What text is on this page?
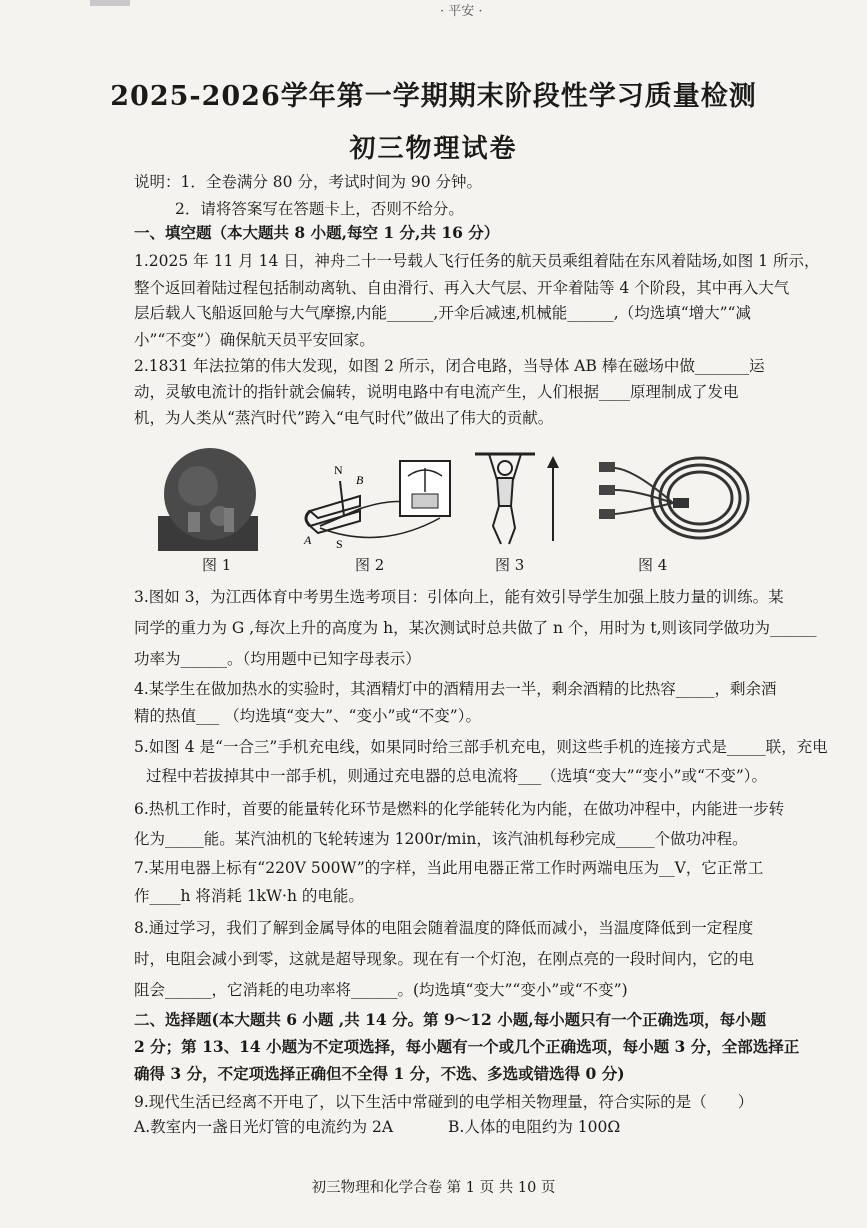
· 平安 ·
2025-2026学年第一学期期末阶段性学习质量检测
初三物理试卷
说明：1．全卷满分 80 分，考试时间为 90 分钟。
2．请将答案写在答题卡上，否则不给分。
一、填空题（本大题共 8 小题,每空 1 分,共 16 分）
1.2025 年 11 月 14 日，神舟二十一号载人飞行任务的航天员乘组着陆在东风着陆场,如图 1 所示，
整个返回着陆过程包括制动离轨、自由滑行、再入大气层、开伞着陆等 4 个阶段，其中再入大气
层后载人飞船返回舱与大气摩擦,内能______,开伞后减速,机械能______,（均选填“增大”“减
小”“不变”）确保航天员平安回家。
2.1831 年法拉第的伟大发现，如图 2 所示，闭合电路，当导体 AB 棒在磁场中做_______运
动，灵敏电流计的指针就会偏转，说明电路中有电流产生，人们根据____原理制成了发电
机，为人类从“蒸汽时代”跨入“电气时代”做出了伟大的贡献。
图 1
N
B
A S
图 2	图 3	图 4
3.图如 3，为江西体育中考男生选考项目：引体向上，能有效引导学生加强上肢力量的训练。某
同学的重力为 G ,每次上升的高度为 h，某次测试时总共做了 n 个，用时为 t,则该同学做功为______
功率为______。（均用题中已知字母表示）
4.某学生在做加热水的实验时，其酒精灯中的酒精用去一半，剩余酒精的比热容_____，剩余酒
精的热值___ （均选填“变大”、“变小”或“不变”）。
5.如图 4 是“一合三”手机充电线，如果同时给三部手机充电，则这些手机的连接方式是_____联，充电
过程中若拔掉其中一部手机，则通过充电器的总电流将___（选填“变大”“变小”或“不变”）。
6.热机工作时，首要的能量转化环节是燃料的化学能转化为内能，在做功冲程中，内能进一步转
化为_____能。某汽油机的飞轮转速为 1200r/min，该汽油机每秒完成_____个做功冲程。
7.某用电器上标有“220V 500W”的字样，当此用电器正常工作时两端电压为__V，它正常工
作____h 将消耗 1kW·h 的电能。
8.通过学习，我们了解到金属导体的电阻会随着温度的降低而减小，当温度降低到一定程度
时，电阻会减小到零，这就是超导现象。现在有一个灯泡，在刚点亮的一段时间内，它的电
阻会______，它消耗的电功率将______。(均选填“变大”“变小”或“不变”)
二、选择题(本大题共 6 小题 ,共 14 分。第 9～12 小题,每小题只有一个正确选项，每小题
2 分；第 13、14 小题为不定项选择，每小题有一个或几个正确选项，每小题 3 分，全部选择正
确得 3 分，不定项选择正确但不全得 1 分，不选、多选或错选得 0 分)
9.现代生活已经离不开电了，以下生活中常碰到的电学相关物理量，符合实际的是（　　）
A.教室内一盏日光灯管的电流约为 2A	B.人体的电阻约为 100Ω
初三物理和化学合卷 第 1 页 共 10 页
